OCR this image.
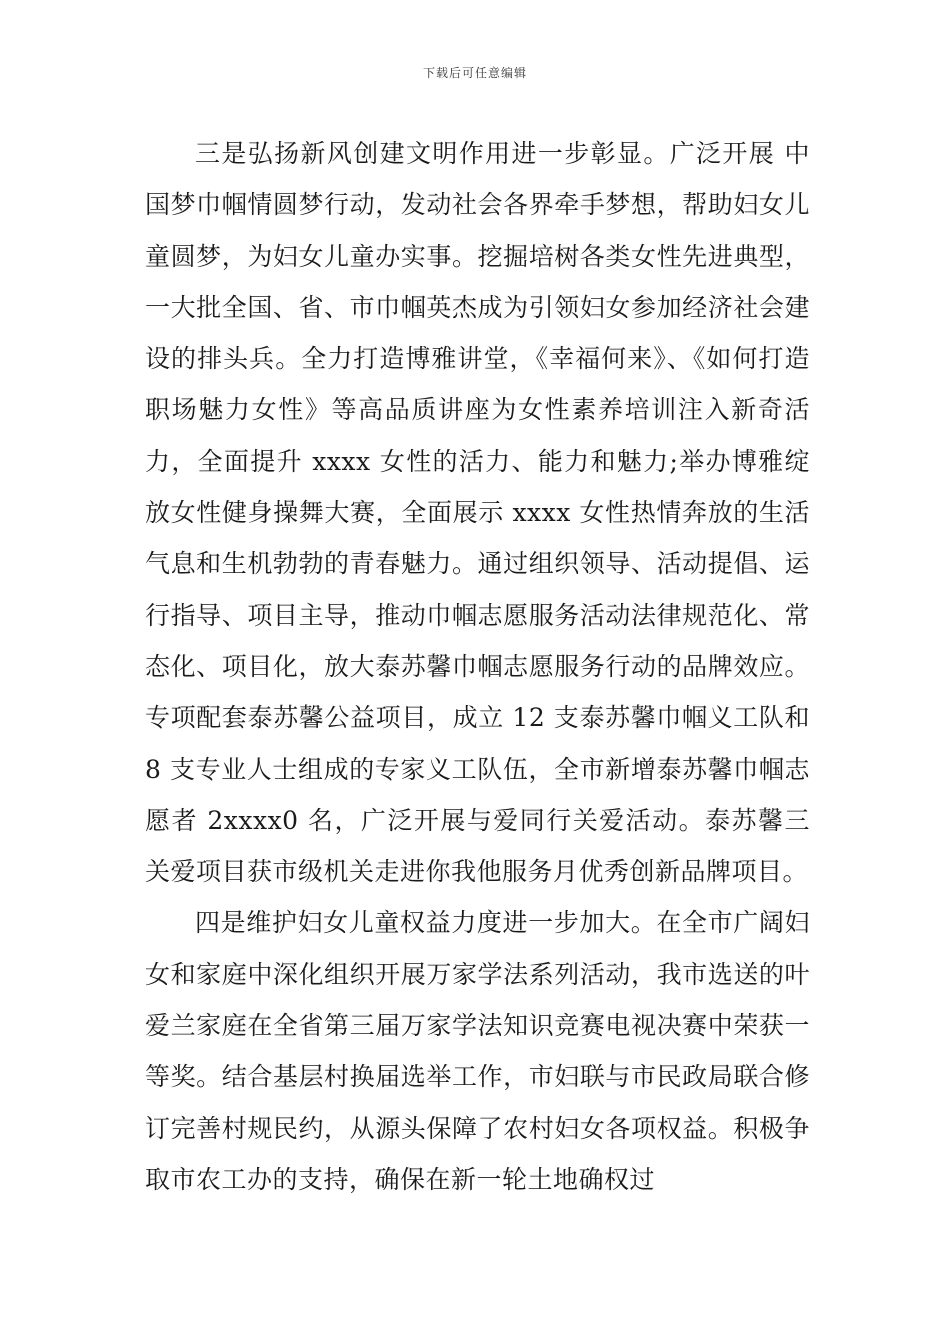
下载后可任意编辑

三是弘扬新风创建文明作用进一步彰显。广泛开展 中国梦巾帼情圆梦行动，发动社会各界牵手梦想，帮助妇女儿童圆梦，为妇女儿童办实事。挖掘培树各类女性先进典型，一大批全国、省、市巾帼英杰成为引领妇女参加经济社会建设的排头兵。全力打造博雅讲堂，《幸福何来》、《如何打造职场魅力女性》等高品质讲座为女性素养培训注入新奇活力，全面提升 xxxx 女性的活力、能力和魅力;举办博雅绽放女性健身操舞大赛，全面展示 xxxx 女性热情奔放的生活气息和生机勃勃的青春魅力。通过组织领导、活动提倡、运行指导、项目主导，推动巾帼志愿服务活动法律规范化、常态化、项目化，放大泰苏馨巾帼志愿服务行动的品牌效应。专项配套泰苏馨公益项目，成立 12 支泰苏馨巾帼义工队和 8 支专业人士组成的专家义工队伍，全市新增泰苏馨巾帼志愿者 2xxxx0 名，广泛开展与爱同行关爱活动。泰苏馨三关爱项目获市级机关走进你我他服务月优秀创新品牌项目。

四是维护妇女儿童权益力度进一步加大。在全市广阔妇女和家庭中深化组织开展万家学法系列活动，我市选送的叶爱兰家庭在全省第三届万家学法知识竞赛电视决赛中荣获一等奖。结合基层村换届选举工作，市妇联与市民政局联合修订完善村规民约，从源头保障了农村妇女各项权益。积极争取市农工办的支持，确保在新一轮土地确权过
